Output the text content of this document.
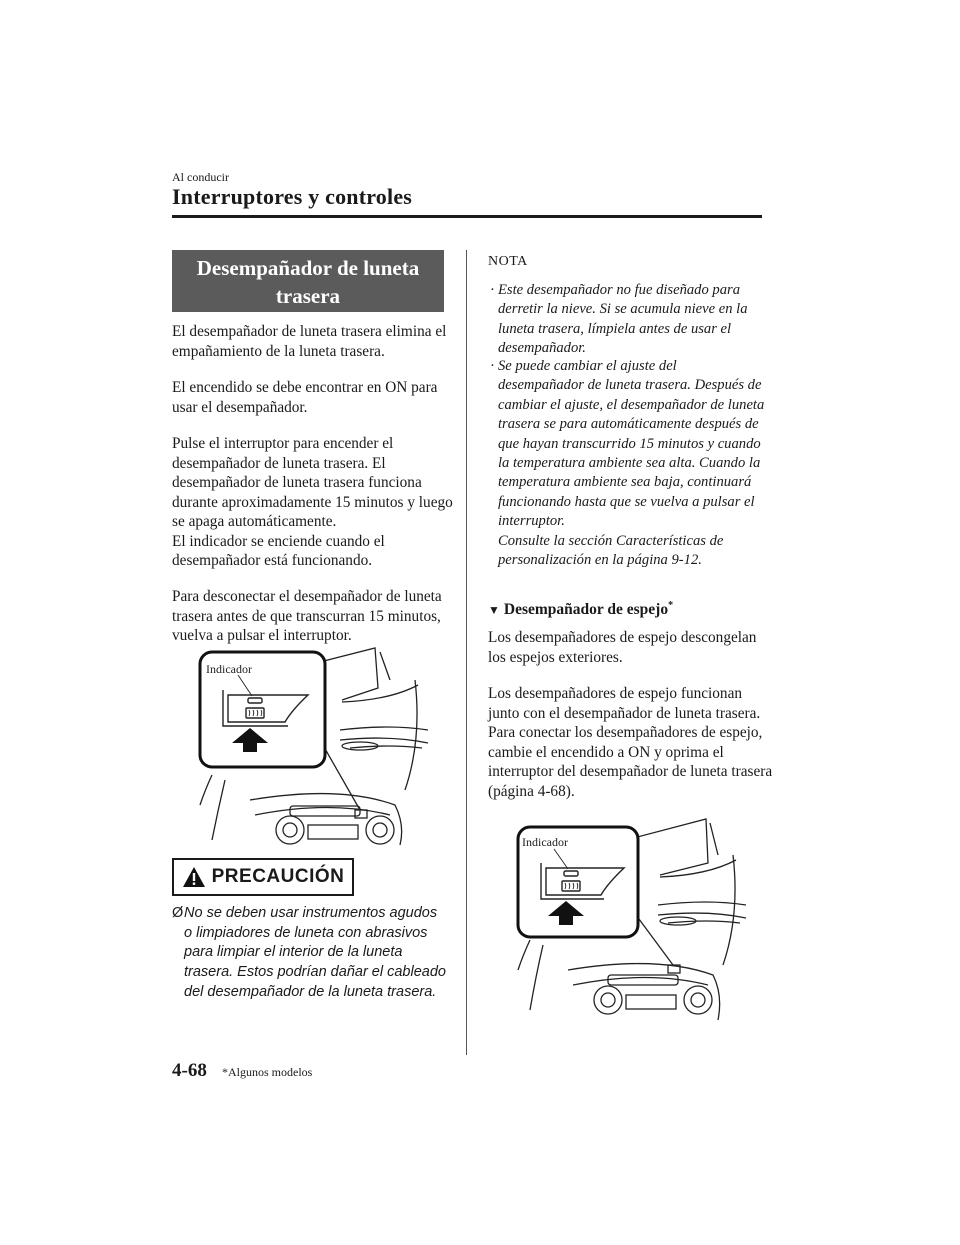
Al conducir
Interruptores y controles
Desempañador de luneta
trasera
El desempañador de luneta trasera elimina el empañamiento de la luneta trasera.
El encendido se debe encontrar en ON para usar el desempañador.
Pulse el interruptor para encender el desempañador de luneta trasera. El desempañador de luneta trasera funciona durante aproximadamente 15 minutos y luego se apaga automáticamente.
El indicador se enciende cuando el desempañador está funcionando.
Para desconectar el desempañador de luneta trasera antes de que transcurran 15 minutos, vuelva a pulsar el interruptor.
Indicador
PRECAUCIÓN
ØNo se deben usar instrumentos agudos o limpiadores de luneta con abrasivos para limpiar el interior de la luneta trasera. Estos podrían dañar el cableado del desempañador de la luneta trasera.
NOTA
· Este desempañador no fue diseñado para derretir la nieve. Si se acumula nieve en la luneta trasera, límpiela antes de usar el desempañador.
· Se puede cambiar el ajuste del desempañador de luneta trasera. Después de cambiar el ajuste, el desempañador de luneta trasera se para automáticamente después de que hayan transcurrido 15 minutos y cuando la temperatura ambiente sea alta. Cuando la temperatura ambiente sea baja, continuará funcionando hasta que se vuelva a pulsar el interruptor.
Consulte la sección Características de personalización en la página 9-12.
▼ Desempañador de espejo*
Los desempañadores de espejo descongelan los espejos exteriores.
Los desempañadores de espejo funcionan junto con el desempañador de luneta trasera.
Para conectar los desempañadores de espejo, cambie el encendido a ON y oprima el interruptor del desempañador de luneta trasera (página 4-68).
Indicador
4-68 *Algunos modelos
